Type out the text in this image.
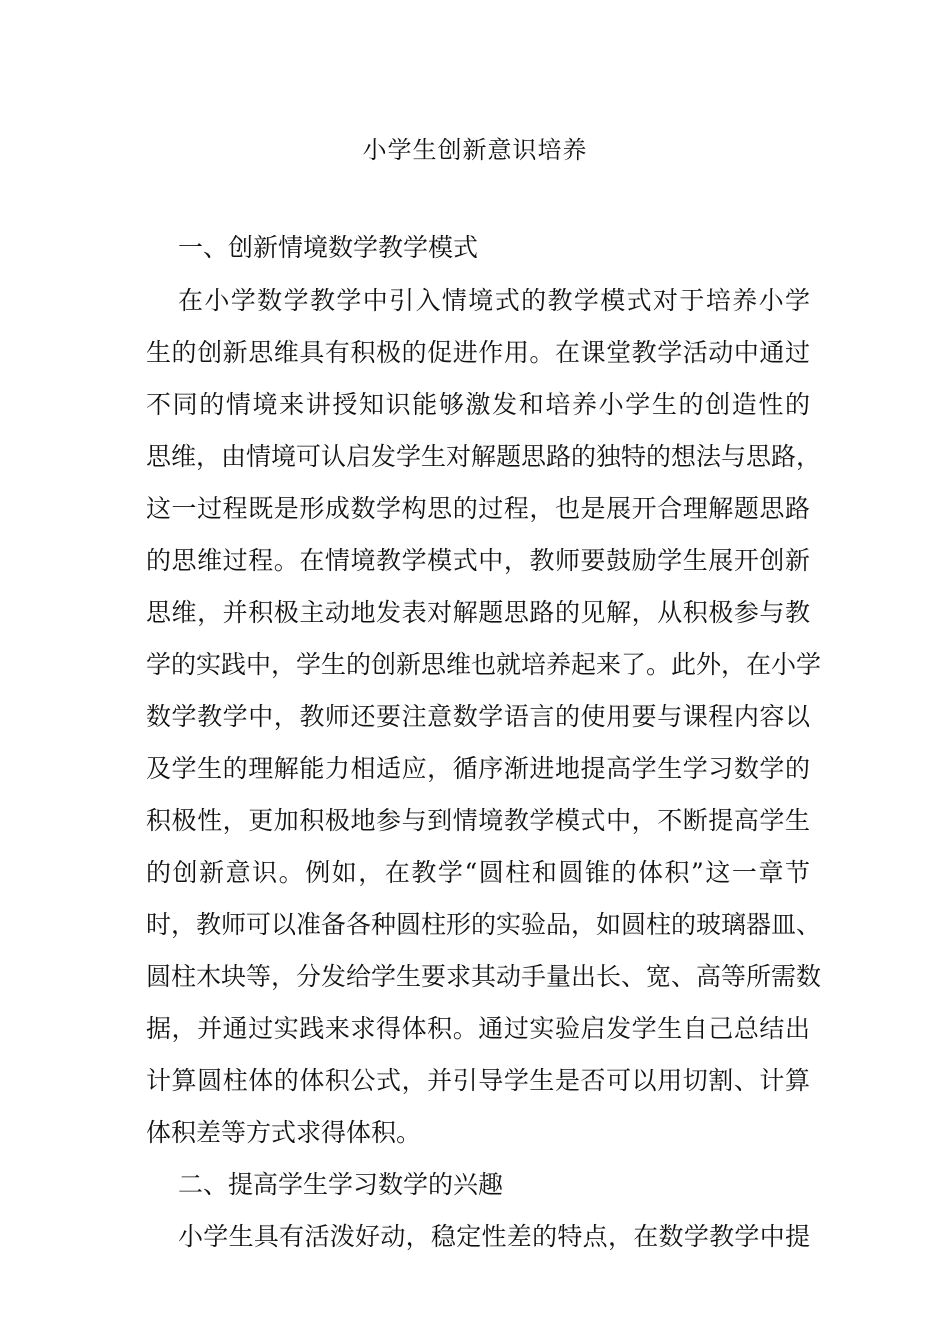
小学生创新意识培养
一、创新情境数学教学模式
在小学数学教学中引入情境式的教学模式对于培养小学
生的创新思维具有积极的促进作用。在课堂教学活动中通过
不同的情境来讲授知识能够激发和培养小学生的创造性的
思维，由情境可认启发学生对解题思路的独特的想法与思路，
这一过程既是形成数学构思的过程，也是展开合理解题思路
的思维过程。在情境教学模式中，教师要鼓励学生展开创新
思维，并积极主动地发表对解题思路的见解，从积极参与教
学的实践中，学生的创新思维也就培养起来了。此外，在小学
数学教学中，教师还要注意数学语言的使用要与课程内容以
及学生的理解能力相适应，循序渐进地提高学生学习数学的
积极性，更加积极地参与到情境教学模式中，不断提高学生
的创新意识。例如，在教学“圆柱和圆锥的体积”这一章节
时，教师可以准备各种圆柱形的实验品，如圆柱的玻璃器皿、
圆柱木块等，分发给学生要求其动手量出长、宽、高等所需数
据，并通过实践来求得体积。通过实验启发学生自己总结出
计算圆柱体的体积公式，并引导学生是否可以用切割、计算
体积差等方式求得体积。
二、提高学生学习数学的兴趣
小学生具有活泼好动，稳定性差的特点，在数学教学中提
